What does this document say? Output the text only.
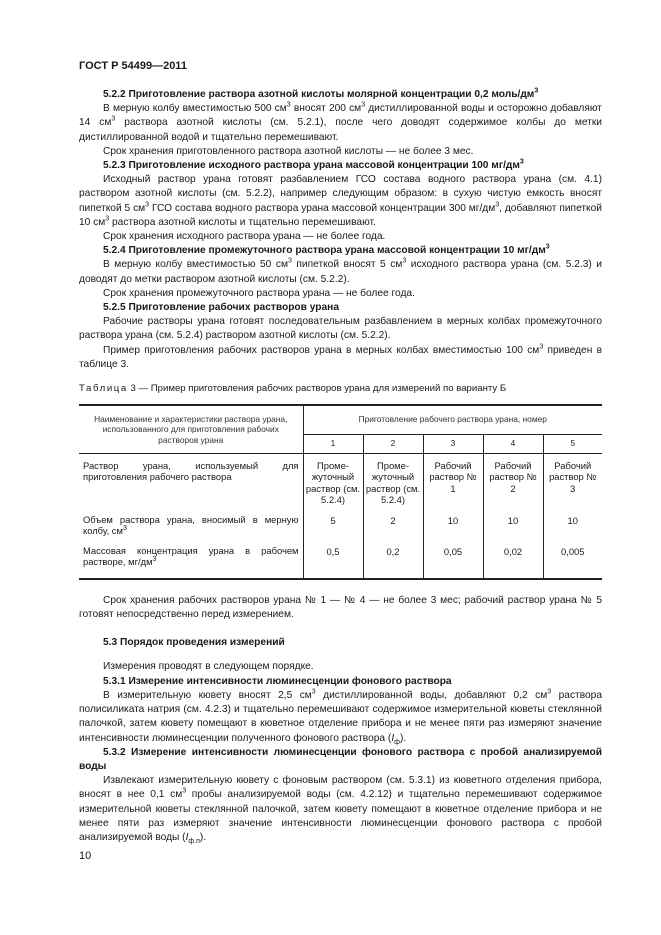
ГОСТ Р 54499—2011

5.2.2 Приготовление раствора азотной кислоты молярной концентрации 0,2 моль/$дм^3$

В мерную колбу вместимостью 500 $см^3$ вносят 200 $см^3$ дистиллированной воды и осторожно добавляют 14 $см^3$ раствора азотной кислоты (см. 5.2.1), после чего доводят содержимое колбы до метки дистиллированной водой и тщательно перемешивают.

Срок хранения приготовленного раствора азотной кислоты — не более 3 мес.

5.2.3 Приготовление исходного раствора урана массовой концентрации 100 $мг/дм^3$

Исходный раствор урана готовят разбавлением ГСО состава водного раствора урана (см. 4.1) раствором азотной кислоты (см. 5.2.2), например следующим образом: в сухую чистую емкость вносят пипеткой 5 $см^3$ ГСО состава водного раствора урана массовой концентрации 300 $мг/дм^3$, добавляют пипеткой 10 $см^3$ раствора азотной кислоты и тщательно перемешивают.

Срок хранения исходного раствора урана — не более года.

5.2.4 Приготовление промежуточного раствора урана массовой концентрации 10 $мг/дм^3$

В мерную колбу вместимостью 50 $см^3$ пипеткой вносят 5 $см^3$ исходного раствора урана (см. 5.2.3) и доводят до метки раствором азотной кислоты (см. 5.2.2).

Срок хранения промежуточного раствора урана — не более года.

5.2.5 Приготовление рабочих растворов урана

Рабочие растворы урана готовят последовательным разбавлением в мерных колбах промежуточного раствора урана (см. 5.2.4) раствором азотной кислоты (см. 5.2.2).

Пример приготовления рабочих растворов урана в мерных колбах вместимостью 100 $см^3$ приведен в таблице 3.

Таблица 3 — Пример приготовления рабочих растворов урана для измерений по варианту Б
Наименование и характеристики раствора урана, использованного для приготовления рабочих растворов урана	Приготовление рабочего раствора урана, номер				
	1	2	3	4	5
Раствор урана, используемый для приготовления рабочего раствора	Проме-жуточный раствор (см. 5.2.4)	Проме-жуточный раствор (см. 5.2.4)	Рабочий раствор № 1	Рабочий раствор № 2	Рабочий раствор № 3
Объем раствора урана, вносимый в мерную колбу, $см^3$	5	2	10	10	10
Массовая концентрация урана в рабочем растворе, $мг/дм^3$	0,5	0,2	0,05	0,02	0,005

Срок хранения рабочих растворов урана № 1 — № 4 — не более 3 мес; рабочий раствор урана № 5 готовят непосредственно перед измерением.

5.3 Порядок проведения измерений

Измерения проводят в следующем порядке.

5.3.1 Измерение интенсивности люминесценции фонового раствора

В измерительную кювету вносят 2,5 $см^3$ дистиллированной воды, добавляют 0,2 $см^3$ раствора полисиликата натрия (см. 4.2.3) и тщательно перемешивают содержимое измерительной кюветы стеклянной палочкой, затем кювету помещают в кюветное отделение прибора и не менее пяти раз измеряют значение интенсивности люминесценции полученного фонового раствора $(I_ф)$.

5.3.2 Измерение интенсивности люминесценции фонового раствора с пробой анализируемой воды

Извлекают измерительную кювету с фоновым раствором (см. 5.3.1) из кюветного отделения прибора, вносят в нее 0,1 $см^3$ пробы анализируемой воды (см. 4.2.12) и тщательно перемешивают содержимое измерительной кюветы стеклянной палочкой, затем кювету помещают в кюветное отделение прибора и не менее пяти раз измеряют значение интенсивности люминесценции фонового раствора с пробой анализируемой воды $(I_{ф.п})$.

10
